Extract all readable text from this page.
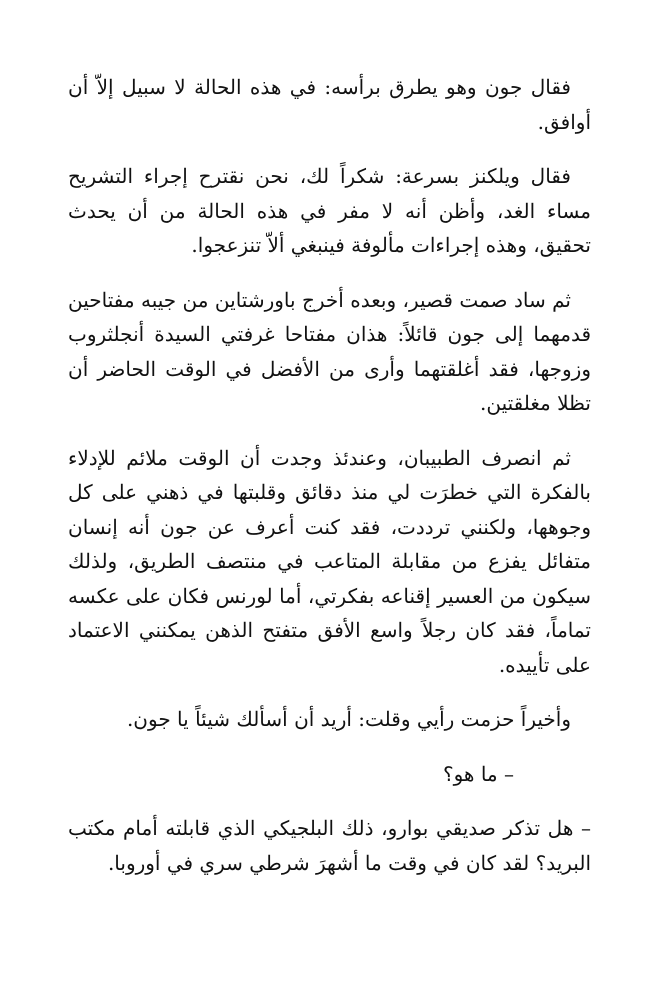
فقال جون وهو يطرق برأسه: في هذه الحالة لا سبيل إلاّ أن أوافق.

فقال ويلكنز بسرعة: شكراً لك، نحن نقترح إجراء التشريح مساء الغد، وأظن أنه لا مفر في هذه الحالة من أن يحدث تحقيق، وهذه إجراءات مألوفة فينبغي ألاّ تنزعجوا.

ثم ساد صمت قصير، وبعده أخرج باورشتاين من جيبه مفتاحين قدمهما إلى جون قائلاً: هذان مفتاحا غرفتي السيدة أنجلثروب وزوجها، فقد أغلقتهما وأرى من الأفضل في الوقت الحاضر أن تظلا مغلقتين.

ثم انصرف الطبيبان، وعندئذ وجدت أن الوقت ملائم للإدلاء بالفكرة التي خطرَت لي منذ دقائق وقلبتها في ذهني على كل وجوهها، ولكنني ترددت، فقد كنت أعرف عن جون أنه إنسان متفائل يفزع من مقابلة المتاعب في منتصف الطريق، ولذلك سيكون من العسير إقناعه بفكرتي، أما لورنس فكان على عكسه تماماً، فقد كان رجلاً واسع الأفق متفتح الذهن يمكنني الاعتماد على تأييده.

وأخيراً حزمت رأيي وقلت: أريد أن أسألك شيئاً يا جون.

– ما هو؟

– هل تذكر صديقي بوارو، ذلك البلجيكي الذي قابلته أمام مكتب البريد؟ لقد كان في وقت ما أشهرَ شرطي سري في أوروبا.
